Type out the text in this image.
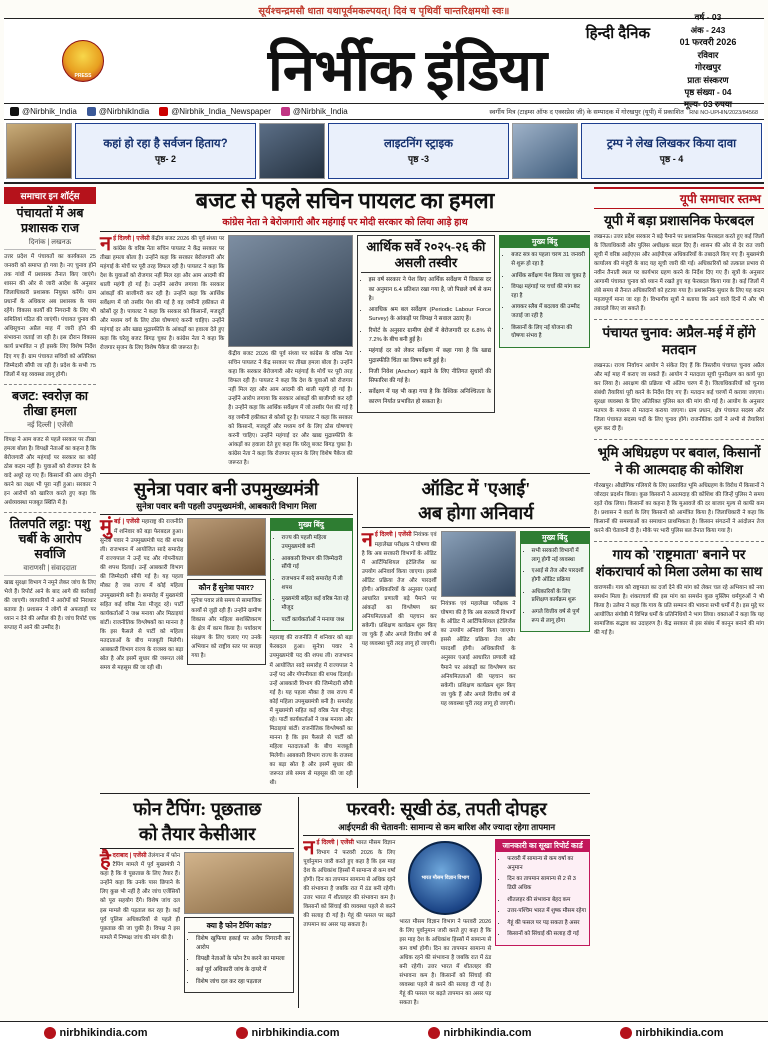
सूर्यश्चन्द्रमसौ धाता यथापूर्वमकल्पयत्। दिवं च पृथिवीं चान्तरिक्षमथो स्वः॥
PRESS
हिन्दी दैनिक
निर्भीक इंडिया
वर्ष - 03
अंक - 243
01 फरवरी 2026
रविवार
गोरखपुर
प्रातः संस्करण
पृष्ठ संख्या - 04
मूल्य- 03 रुपया
@Nirbhik_India	@NirbhikIndia	@Nirbhik_India_Newspaper	@Nirbhik_India	स्वर्गीय मित्र (टाइम्स ऑफ द एक्सप्रेस जी) के सम्पादक में गोरखपुर (यूपी) में प्रकाशित RNI NO-UPHIN/2023/84568
कहां हो रहा है सर्वजन हिताय?
पृष्ठ- 2
लाइटनिंग स्ट्राइक
पृष्ठ -3
ट्रम्प ने लेख लिखकर किया दावा
पृष्ठ - 4
समाचार इन शॉर्ट्स
पंचायतों में अब प्रशासक राज
दिनांक | लखनऊ
उत्तर प्रदेश में पंचायतों का कार्यकाल 25 जनवरी को समाप्त हो गया है। नए चुनाव होने तक गांवों में प्रशासक तैनात किए जाएंगे। शासन की ओर से जारी आदेश के अनुसार जिलाधिकारी प्रशासक नियुक्त करेंगे। ग्राम प्रधानों के अधिकार अब प्रशासक के पास रहेंगे। विकास कार्यों की निगरानी के लिए भी समितियां गठित की जाएंगी। पंचायत चुनाव की अधिसूचना अप्रैल माह में जारी होने की संभावना जताई जा रही है। इस दौरान विकास कार्य प्रभावित न हों इसके लिए विशेष निर्देश दिए गए हैं। ग्राम पंचायत सचिवों को अतिरिक्त जिम्मेदारी सौंपी जा रही है। प्रदेश के सभी 75 जिलों में यह व्यवस्था लागू होगी।
बजट: स्वरोज़ का तीखा हमला
नई दिल्ली | एजेंसी
विपक्ष ने आम बजट से पहले सरकार पर तीखा हमला बोला है। विपक्षी नेताओं का कहना है कि बेरोजगारी और महंगाई पर सरकार का कोई ठोस कदम नहीं है। युवाओं को रोजगार देने के वादे अधूरे रह गए हैं। किसानों की आय दोगुनी करने का लक्ष्य भी पूरा नहीं हुआ। सरकार ने इन आरोपों को खारिज करते हुए कहा कि अर्थव्यवस्था मजबूत स्थिति में है।
तिलपति लट्ठा: पशु चर्बी के आरोप सर्वाजि
वाराणसी | संवाददाता
खाद्य सुरक्षा विभाग ने नमूने लेकर जांच के लिए भेजे हैं। रिपोर्ट आने के बाद आगे की कार्रवाई की जाएगी। व्यापारियों ने आरोपों को निराधार बताया है। प्रशासन ने लोगों से अफवाहों पर ध्यान न देने की अपील की है। जांच रिपोर्ट एक सप्ताह में आने की उम्मीद है।
बजट से पहले सचिन पायलट का हमला
कांग्रेस नेता ने बेरोजगारी और महंगाई पर मोदी सरकार को लिया आड़े हाथ
नई दिल्ली | एजेंसी केंद्रीय बजट 2026 की पूर्व संध्या पर कांग्रेस के वरिष्ठ नेता सचिन पायलट ने केंद्र सरकार पर तीखा हमला बोला है। उन्होंने कहा कि सरकार बेरोजगारी और महंगाई के मोर्चे पर पूरी तरह विफल रही है। पायलट ने कहा कि देश के युवाओं को रोजगार नहीं मिल रहा और आम आदमी की थाली महंगी हो गई है। उन्होंने आरोप लगाया कि सरकार आंकड़ों की बाजीगरी कर रही है। उन्होंने कहा कि आर्थिक सर्वेक्षण में जो तस्वीर पेश की गई है वह जमीनी हकीकत से कोसों दूर है। पायलट ने कहा कि सरकार को किसानों, मजदूरों और मध्यम वर्ग के लिए ठोस घोषणाएं करनी चाहिए। उन्होंने महंगाई दर और खाद्य मुद्रास्फीति के आंकड़ों का हवाला देते हुए कहा कि घरेलू बजट बिगड़ चुका है। कांग्रेस नेता ने कहा कि रोजगार सृजन के लिए विशेष पैकेज की जरूरत है।
केंद्रीय बजट 2026 की पूर्व संध्या पर कांग्रेस के वरिष्ठ नेता सचिन पायलट ने केंद्र सरकार पर तीखा हमला बोला है। उन्होंने कहा कि सरकार बेरोजगारी और महंगाई के मोर्चे पर पूरी तरह विफल रही है। पायलट ने कहा कि देश के युवाओं को रोजगार नहीं मिल रहा और आम आदमी की थाली महंगी हो गई है। उन्होंने आरोप लगाया कि सरकार आंकड़ों की बाजीगरी कर रही है। उन्होंने कहा कि आर्थिक सर्वेक्षण में जो तस्वीर पेश की गई है वह जमीनी हकीकत से कोसों दूर है। पायलट ने कहा कि सरकार को किसानों, मजदूरों और मध्यम वर्ग के लिए ठोस घोषणाएं करनी चाहिए। उन्होंने महंगाई दर और खाद्य मुद्रास्फीति के आंकड़ों का हवाला देते हुए कहा कि घरेलू बजट बिगड़ चुका है। कांग्रेस नेता ने कहा कि रोजगार सृजन के लिए विशेष पैकेज की जरूरत है।
आर्थिक सर्वे २०२५-२६ की असली तस्वीर
• इस वर्ष सरकार ने पेश किए आर्थिक सर्वेक्षण में विकास दर का अनुमान 6.4 प्रतिशत रखा गया है, जो पिछले वर्ष से कम है।
• आवधिक श्रम बल सर्वेक्षण (Periodic Labour Force Survey) के आंकड़ों पर विपक्ष ने सवाल उठाए हैं।
• रिपोर्ट के अनुसार ग्रामीण क्षेत्रों में बेरोजगारी दर 6.8% से 7.2% के बीच बनी हुई है।
• महंगाई दर को लेकर सर्वेक्षण में कहा गया है कि खाद्य मुद्रास्फीति चिंता का विषय बनी हुई है।
• निजी निवेश (Anchor) बढ़ाने के लिए नीतिगत सुधारों की सिफारिश की गई है।
• सर्वेक्षण में यह भी कहा गया है कि वैश्विक अनिश्चितता के कारण निर्यात प्रभावित हो सकता है।
मुख्य बिंदु
• बजट सत्र का पहला चरण 31 जनवरी से शुरू हो रहा है
• आर्थिक सर्वेक्षण पेश किया जा चुका है
• विपक्ष महंगाई पर चर्चा की मांग कर रहा है
• आयकर स्लैब में बदलाव की उम्मीद जताई जा रही है
• किसानों के लिए नई योजना की घोषणा संभव है
सुनेत्रा पवार बनी उपमुख्यमंत्री
सुनेत्रा पवार बनी पहली उपमुख्यमंत्री, आबकारी विभाग मिला
मुंबई | एजेंसी महाराष्ट्र की राजनीति में शनिवार को बड़ा फेरबदल हुआ। सुनेत्रा पवार ने उपमुख्यमंत्री पद की शपथ ली। राजभवन में आयोजित सादे समारोह में राज्यपाल ने उन्हें पद और गोपनीयता की शपथ दिलाई। उन्हें आबकारी विभाग की जिम्मेदारी सौंपी गई है। यह पहला मौका है जब राज्य में कोई महिला उपमुख्यमंत्री बनी है। समारोह में मुख्यमंत्री सहित कई वरिष्ठ नेता मौजूद रहे। पार्टी कार्यकर्ताओं ने जश्न मनाया और मिठाइयां बांटीं। राजनीतिक विश्लेषकों का मानना है कि इस फैसले से पार्टी को महिला मतदाताओं के बीच मजबूती मिलेगी। आबकारी विभाग राज्य के राजस्व का बड़ा स्रोत है और इसमें सुधार की जरूरत लंबे समय से महसूस की जा रही थी।
कौन हैं सुनेत्रा पवार?
सुनेत्रा पवार लंबे समय से सामाजिक कार्यों से जुड़ी रही हैं। उन्होंने ग्रामीण विकास और महिला सशक्तिकरण के क्षेत्र में काम किया है। पर्यावरण संरक्षण के लिए चलाए गए उनके अभियान को राष्ट्रीय स्तर पर सराहा गया है।
मुख्य बिंदु
• राज्य की पहली महिला उपमुख्यमंत्री बनीं
• आबकारी विभाग की जिम्मेदारी सौंपी गई
• राजभवन में सादे समारोह में ली शपथ
• मुख्यमंत्री सहित कई वरिष्ठ नेता रहे मौजूद
• पार्टी कार्यकर्ताओं ने मनाया जश्न
महाराष्ट्र की राजनीति में शनिवार को बड़ा फेरबदल हुआ। सुनेत्रा पवार ने उपमुख्यमंत्री पद की शपथ ली। राजभवन में आयोजित सादे समारोह में राज्यपाल ने उन्हें पद और गोपनीयता की शपथ दिलाई। उन्हें आबकारी विभाग की जिम्मेदारी सौंपी गई है। यह पहला मौका है जब राज्य में कोई महिला उपमुख्यमंत्री बनी है। समारोह में मुख्यमंत्री सहित कई वरिष्ठ नेता मौजूद रहे। पार्टी कार्यकर्ताओं ने जश्न मनाया और मिठाइयां बांटीं। राजनीतिक विश्लेषकों का मानना है कि इस फैसले से पार्टी को महिला मतदाताओं के बीच मजबूती मिलेगी। आबकारी विभाग राज्य के राजस्व का बड़ा स्रोत है और इसमें सुधार की जरूरत लंबे समय से महसूस की जा रही थी।
ऑडिट में 'एआई'
अब होगा अनिवार्य
नई दिल्ली | एजेंसी नियंत्रक एवं महालेखा परीक्षक ने घोषणा की है कि अब सरकारी विभागों के ऑडिट में आर्टिफिशियल इंटेलिजेंस का उपयोग अनिवार्य किया जाएगा। इससे ऑडिट प्रक्रिया तेज और पारदर्शी होगी। अधिकारियों के अनुसार एआई आधारित प्रणाली बड़े पैमाने पर आंकड़ों का विश्लेषण कर अनियमितताओं की पहचान कर सकेगी। प्रशिक्षण कार्यक्रम शुरू किए जा चुके हैं और अगले वित्तीय वर्ष से यह व्यवस्था पूरी तरह लागू हो जाएगी।
नियंत्रक एवं महालेखा परीक्षक ने घोषणा की है कि अब सरकारी विभागों के ऑडिट में आर्टिफिशियल इंटेलिजेंस का उपयोग अनिवार्य किया जाएगा। इससे ऑडिट प्रक्रिया तेज और पारदर्शी होगी। अधिकारियों के अनुसार एआई आधारित प्रणाली बड़े पैमाने पर आंकड़ों का विश्लेषण कर अनियमितताओं की पहचान कर सकेगी। प्रशिक्षण कार्यक्रम शुरू किए जा चुके हैं और अगले वित्तीय वर्ष से यह व्यवस्था पूरी तरह लागू हो जाएगी।
मुख्य बिंदु
• सभी सरकारी विभागों में लागू होगी नई व्यवस्था
• एआई से तेज और पारदर्शी होगी ऑडिट प्रक्रिया
• अधिकारियों के लिए प्रशिक्षण कार्यक्रम शुरू
• अगले वित्तीय वर्ष से पूर्ण रूप से लागू होगा
फोन टैपिंग: पूछताछ
को तैयार केसीआर
हैदराबाद | एजेंसी तेलंगाना में फोन टैपिंग मामले में पूर्व मुख्यमंत्री ने कहा है कि वे पूछताछ के लिए तैयार हैं। उन्होंने कहा कि उनके पास छिपाने के लिए कुछ भी नहीं है और जांच एजेंसियों को पूरा सहयोग देंगे। विशेष जांच दल इस मामले की पड़ताल कर रहा है। कई पूर्व पुलिस अधिकारियों से पहले ही पूछताछ की जा चुकी है। विपक्ष ने इस मामले में निष्पक्ष जांच की मांग की है।
क्या है फोन टैपिंग कांड?
• विशेष खुफिया इकाई पर अवैध निगरानी का आरोप
• विपक्षी नेताओं के फोन टैप करने का मामला
• कई पूर्व अधिकारी जांच के दायरे में
• विशेष जांच दल कर रहा पड़ताल
फरवरी: सूखी ठंड, तपती दोपहर
आईएमडी की चेतावनी: सामान्य से कम बारिश और ज्यादा रहेगा तापमान
नई दिल्ली | एजेंसी भारत मौसम विज्ञान विभाग ने फरवरी 2026 के लिए पूर्वानुमान जारी करते हुए कहा है कि इस माह देश के अधिकांश हिस्सों में सामान्य से कम वर्षा होगी। दिन का तापमान सामान्य से अधिक रहने की संभावना है जबकि रात में ठंड बनी रहेगी। उत्तर भारत में शीतलहर की संभावना कम है। किसानों को सिंचाई की व्यवस्था पहले से करने की सलाह दी गई है। गेहूं की फसल पर बढ़ते तापमान का असर पड़ सकता है।
भारत मौसम विज्ञान विभाग
भारत मौसम विज्ञान विभाग ने फरवरी 2026 के लिए पूर्वानुमान जारी करते हुए कहा है कि इस माह देश के अधिकांश हिस्सों में सामान्य से कम वर्षा होगी। दिन का तापमान सामान्य से अधिक रहने की संभावना है जबकि रात में ठंड बनी रहेगी। उत्तर भारत में शीतलहर की संभावना कम है। किसानों को सिंचाई की व्यवस्था पहले से करने की सलाह दी गई है। गेहूं की फसल पर बढ़ते तापमान का असर पड़ सकता है।
जानकारी का सूखा रिपोर्ट कार्ड
• फरवरी में सामान्य से कम वर्षा का अनुमान
• दिन का तापमान सामान्य से 2 से 3 डिग्री अधिक
• शीतलहर की संभावना बेहद कम
• उत्तर-पश्चिम भारत में शुष्क मौसम रहेगा
• गेहूं की फसल पर पड़ सकता है असर
• किसानों को सिंचाई की सलाह दी गई
यूपी समाचार स्तम्भ
यूपी में बड़ा प्रशासनिक फेरबदल
लखनऊ। उत्तर प्रदेश सरकार ने बड़े पैमाने पर प्रशासनिक फेरबदल करते हुए कई जिलों के जिलाधिकारी और पुलिस अधीक्षक बदल दिए हैं। शासन की ओर से देर रात जारी सूची में वरिष्ठ आईएएस और आईपीएस अधिकारियों के तबादले किए गए हैं। मुख्यमंत्री कार्यालय की मंजूरी के बाद यह सूची जारी की गई। अधिकारियों को तत्काल प्रभाव से नवीन तैनाती स्थल पर कार्यभार ग्रहण करने के निर्देश दिए गए हैं। सूत्रों के अनुसार आगामी पंचायत चुनाव को ध्यान में रखते हुए यह फेरबदल किया गया है। कई जिलों में लंबे समय से तैनात अधिकारियों को हटाया गया है। प्रशासनिक सुधार के लिए यह कदम महत्वपूर्ण माना जा रहा है। विभागीय सूत्रों ने बताया कि आने वाले दिनों में और भी तबादले किए जा सकते हैं।
पंचायत चुनाव: अप्रैल-मई में होंगे मतदान
लखनऊ। राज्य निर्वाचन आयोग ने संकेत दिए हैं कि त्रिस्तरीय पंचायत चुनाव अप्रैल और मई माह में कराए जा सकते हैं। आयोग ने मतदाता सूची पुनरीक्षण का कार्य पूरा कर लिया है। आरक्षण की प्रक्रिया भी अंतिम चरण में है। जिलाधिकारियों को चुनाव संबंधी तैयारियां पूरी करने के निर्देश दिए गए हैं। मतदान कई चरणों में कराया जाएगा। सुरक्षा व्यवस्था के लिए अतिरिक्त पुलिस बल की मांग की गई है। आयोग के अनुसार मतपत्र के माध्यम से मतदान कराया जाएगा। ग्राम प्रधान, क्षेत्र पंचायत सदस्य और जिला पंचायत सदस्य पदों के लिए चुनाव होंगे। राजनीतिक दलों ने अभी से तैयारियां शुरू कर दी हैं।
भूमि अधिग्रहण पर बवाल, किसानों ने की आत्मदाह की कोशिश
गोरखपुर। औद्योगिक गलियारे के लिए प्रस्तावित भूमि अधिग्रहण के विरोध में किसानों ने जोरदार प्रदर्शन किया। कुछ किसानों ने आत्मदाह की कोशिश की जिन्हें पुलिस ने समय रहते रोक लिया। किसानों का कहना है कि मुआवजे की दर बाजार मूल्य से काफी कम है। प्रशासन ने वार्ता के लिए किसानों को आमंत्रित किया है। जिलाधिकारी ने कहा कि किसानों की समस्याओं का समाधान प्राथमिकता है। किसान संगठनों ने आंदोलन तेज करने की चेतावनी दी है। मौके पर भारी पुलिस बल तैनात किया गया है।
गाय को 'राष्ट्रमाता' बनाने पर शंकराचार्य को मिला उलेमा का साथ
वाराणसी। गाय को राष्ट्रमाता का दर्जा देने की मांग को लेकर चल रहे अभियान को नया समर्थन मिला है। शंकराचार्य की इस मांग का समर्थन कुछ मुस्लिम धर्मगुरुओं ने भी किया है। उलेमा ने कहा कि गाय के प्रति सम्मान की भावना सभी धर्मों में है। इस मुद्दे पर आयोजित संगोष्ठी में विभिन्न धर्मों के प्रतिनिधियों ने भाग लिया। वक्ताओं ने कहा कि यह सामाजिक सद्भाव का उदाहरण है। केंद्र सरकार से इस संबंध में कानून बनाने की मांग की गई है।
nirbhikindia.com	nirbhikindia.com	nirbhikindia.com	nirbhikindia.com
